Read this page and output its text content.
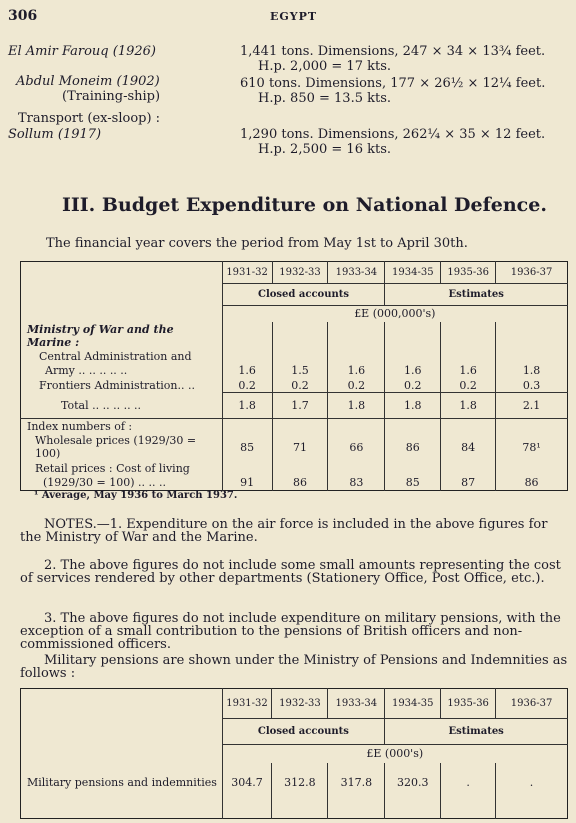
306	EGYPT
El Amir Farouq (1926)	1,441 tons. Dimensions, 247 × 34 × 13¾ feet.
H.p. 2,000 = 17 kts.
Abdul Moneim (1902)
(Training-ship)
610 tons. Dimensions, 177 × 26½ × 12¼ feet.
H.p. 850 = 13.5 kts.
Transport (ex-sloop) :
Sollum (1917)	1,290 tons. Dimensions, 262¼ × 35 × 12 feet.
H.p. 2,500 = 16 kts.
III. Budget Expenditure on National Defence.
The financial year covers the period from May 1st to April 30th.
	1931-32	1932-33	1933-34	1934-35	1935-36	1936-37
	Closed accounts			Estimates		
	£E (000,000's)					
Ministry of War and the Marine :						
Central Administration and						
Army .. .. .. .. ..	1.6	1.5	1.6	1.6	1.6	1.8
Frontiers Administration.. ..	0.2	0.2	0.2	0.2	0.2	0.3
Total .. .. .. .. ..	1.8	1.7	1.8	1.8	1.8	2.1
Index numbers of :						
Wholesale prices (1929/30 = 100)	85	71	66	86	84	78¹
Retail prices : Cost of living						
(1929/30 = 100) .. .. ..	91	86	83	85	87	86
¹ Average, May 1936 to March 1937.

NOTES.—1. Expenditure on the air force is included in the above figures for the Ministry of War and the Marine.

2. The above figures do not include some small amounts representing the cost of services rendered by other departments (Stationery Office, Post Office, etc.).

3. The above figures do not include expenditure on military pensions, with the exception of a small contribution to the pensions of British officers and non-commissioned officers.

Military pensions are shown under the Ministry of Pensions and Indemnities as follows :

	1931-32	1932-33	1933-34	1934-35	1935-36	1936-37
	Closed accounts			Estimates		
	£E (000's)					
Military pensions and indemnities	304.7	312.8	317.8	320.3	.	.
